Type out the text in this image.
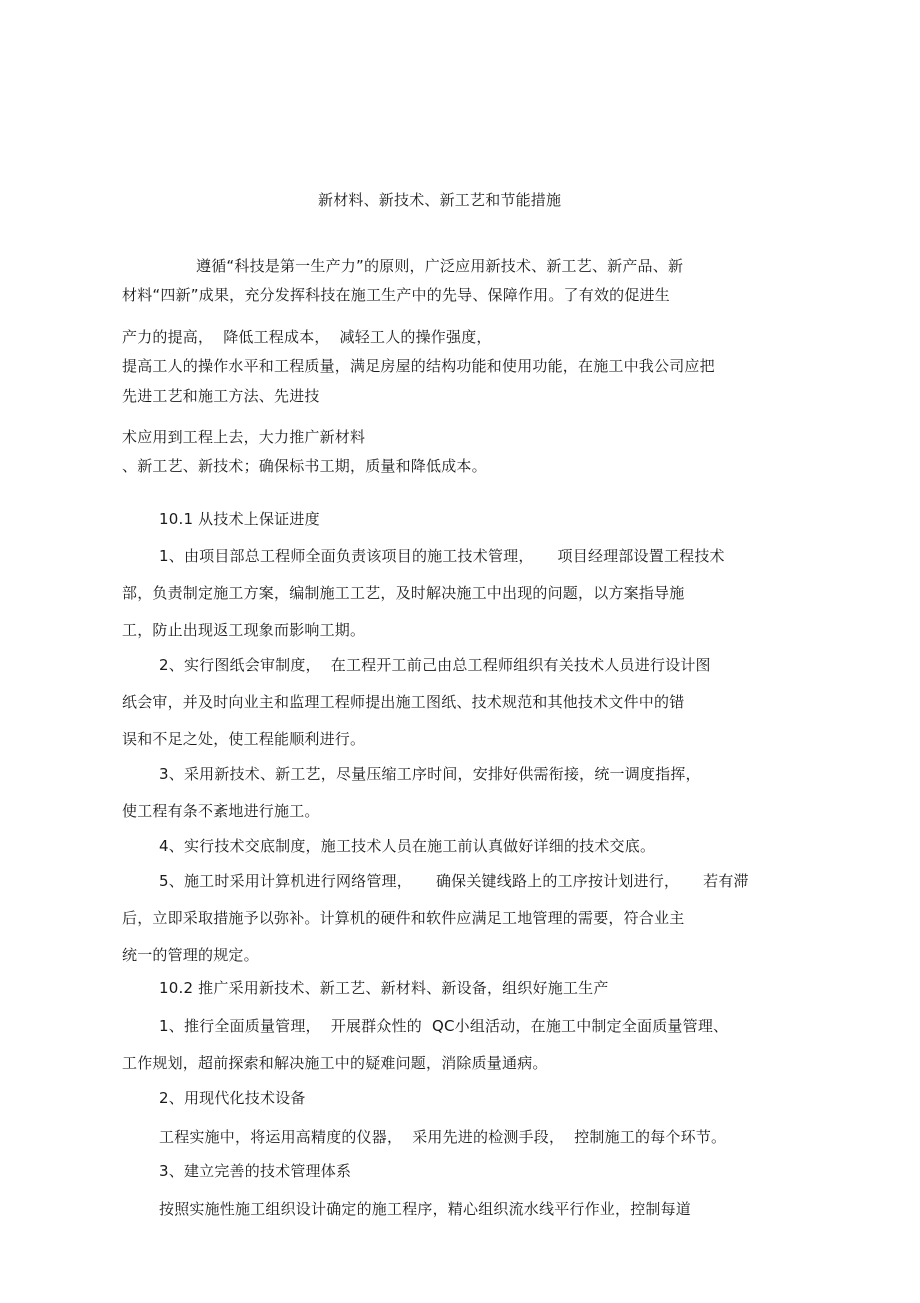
新材料、新技术、新工艺和节能措施

遵循“科技是第一生产力”的原则，广泛应用新技术、新工艺、新产品、新

材料“四新”成果，充分发挥科技在施工生产中的先导、保障作用。了有效的促进生

产力的提高， 降低工程成本， 减轻工人的操作强度，

提高工人的操作水平和工程质量，满足房屋的结构功能和使用功能，在施工中我公司应把

先进工艺和施工方法、先进技

术应用到工程上去，大力推广新材料

、新工艺、新技术；确保标书工期，质量和降低成本。

10.1 从技术上保证进度

1、由项目部总工程师全面负责该项目的施工技术管理， 项目经理部设置工程技术

部，负责制定施工方案，编制施工工艺，及时解决施工中出现的问题，以方案指导施

工，防止出现返工现象而影响工期。

2、实行图纸会审制度， 在工程开工前己由总工程师组织有关技术人员进行设计图

纸会审，并及时向业主和监理工程师提出施工图纸、技术规范和其他技术文件中的错

误和不足之处，使工程能顺利进行。

3、采用新技术、新工艺，尽量压缩工序时间，安排好供需衔接，统一调度指挥，

使工程有条不紊地进行施工。

4、实行技术交底制度，施工技术人员在施工前认真做好详细的技术交底。

5、施工时采用计算机进行网络管理， 确保关键线路上的工序按计划进行， 若有滞

后，立即采取措施予以弥补。计算机的硬件和软件应满足工地管理的需要，符合业主

统一的管理的规定。

10.2 推广采用新技术、新工艺、新材料、新设备，组织好施工生产

1、推行全面质量管理， 开展群众性的 QC小组活动，在施工中制定全面质量管理、

工作规划，超前探索和解决施工中的疑难问题，消除质量通病。

2、用现代化技术设备

工程实施中，将运用高精度的仪器， 采用先进的检测手段， 控制施工的每个环节。

3、建立完善的技术管理体系

按照实施性施工组织设计确定的施工程序，精心组织流水线平行作业，控制每道
